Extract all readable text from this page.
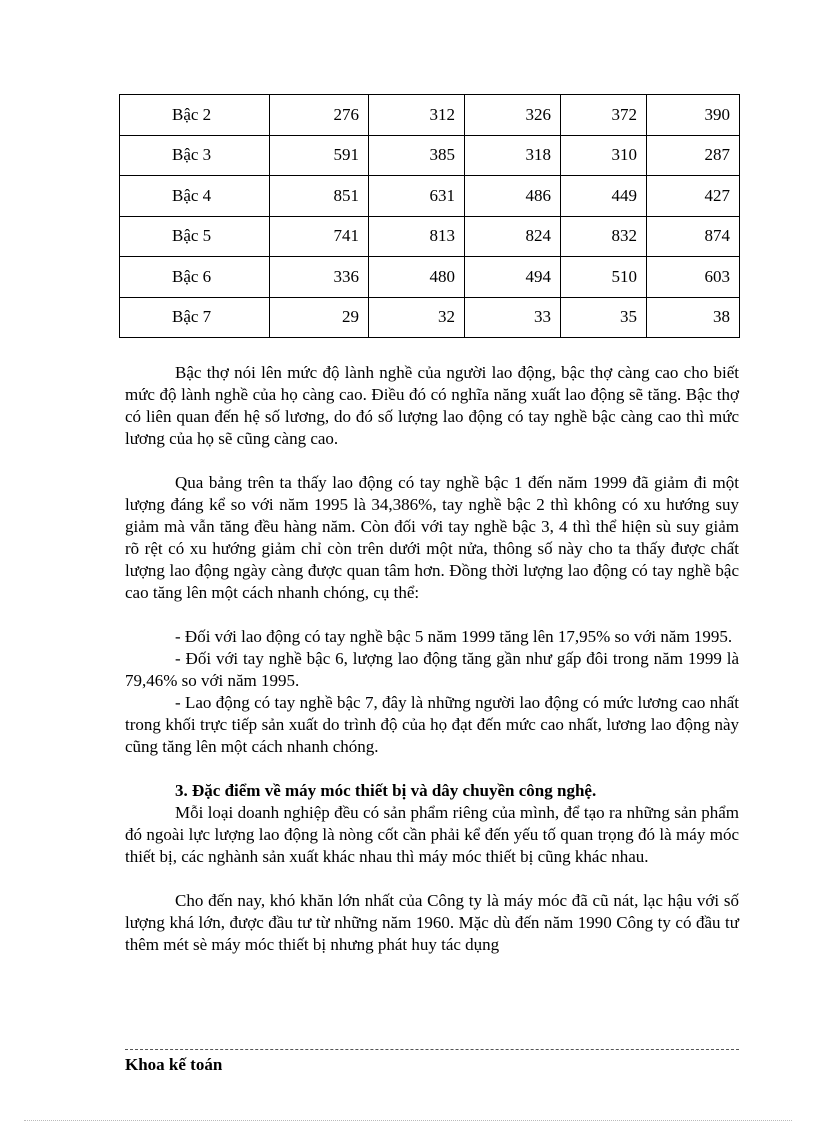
Bậc 2	276	312	326	372	390
Bậc 3	591	385	318	310	287
Bậc 4	851	631	486	449	427
Bậc 5	741	813	824	832	874
Bậc 6	336	480	494	510	603
Bậc 7	29	32	33	35	38

Bậc thợ nói lên mức độ lành nghề của người lao động, bậc thợ càng cao cho biết mức độ lành nghề của họ càng cao. Điều đó có nghĩa năng xuất lao động sẽ tăng. Bậc thợ có liên quan đến hệ số lương, do đó số lượng lao động có tay nghề bậc càng cao thì mức lương của họ sẽ cũng càng cao.

Qua bảng trên ta thấy lao động có tay nghề bậc 1 đến năm 1999 đã giảm đi một lượng đáng kể so với năm 1995 là 34,386%, tay nghề bậc 2 thì không có xu hướng suy giảm mà vẫn tăng đều hàng năm. Còn đối với tay nghề bậc 3, 4 thì thể hiện sù suy giảm rõ rệt có xu hướng giảm chỉ còn trên dưới một nửa, thông số này cho ta thấy được chất lượng lao động ngày càng được quan tâm hơn. Đồng thời lượng lao động có tay nghề bậc cao tăng lên một cách nhanh chóng, cụ thể:

- Đối với lao động có tay nghề bậc 5 năm 1999 tăng lên 17,95% so với năm 1995.

- Đối với tay nghề bậc 6, lượng lao động tăng gần như gấp đôi trong năm 1999 là 79,46% so với năm 1995.

- Lao động có tay nghề bậc 7, đây là những người lao động có mức lương cao nhất trong khối trực tiếp sản xuất do trình độ của họ đạt đến mức cao nhất, lương lao động này cũng tăng lên một cách nhanh chóng.

3. Đặc điểm về máy móc thiết bị và dây chuyền công nghệ.

Mỗi loại doanh nghiệp đều có sản phẩm riêng của mình, để tạo ra những sản phẩm đó ngoài lực lượng lao động là nòng cốt cần phải kể đến yếu tố quan trọng đó là máy móc thiết bị, các nghành sản xuất khác nhau thì máy móc thiết bị cũng khác nhau.

Cho đến nay, khó khăn lớn nhất của Công ty là máy móc đã cũ nát, lạc hậu với số lượng khá lớn, được đầu tư từ những năm 1960. Mặc dù đến năm 1990 Công ty có đầu tư thêm mét sè máy móc thiết bị nhưng phát huy tác dụng

Khoa kế toán
